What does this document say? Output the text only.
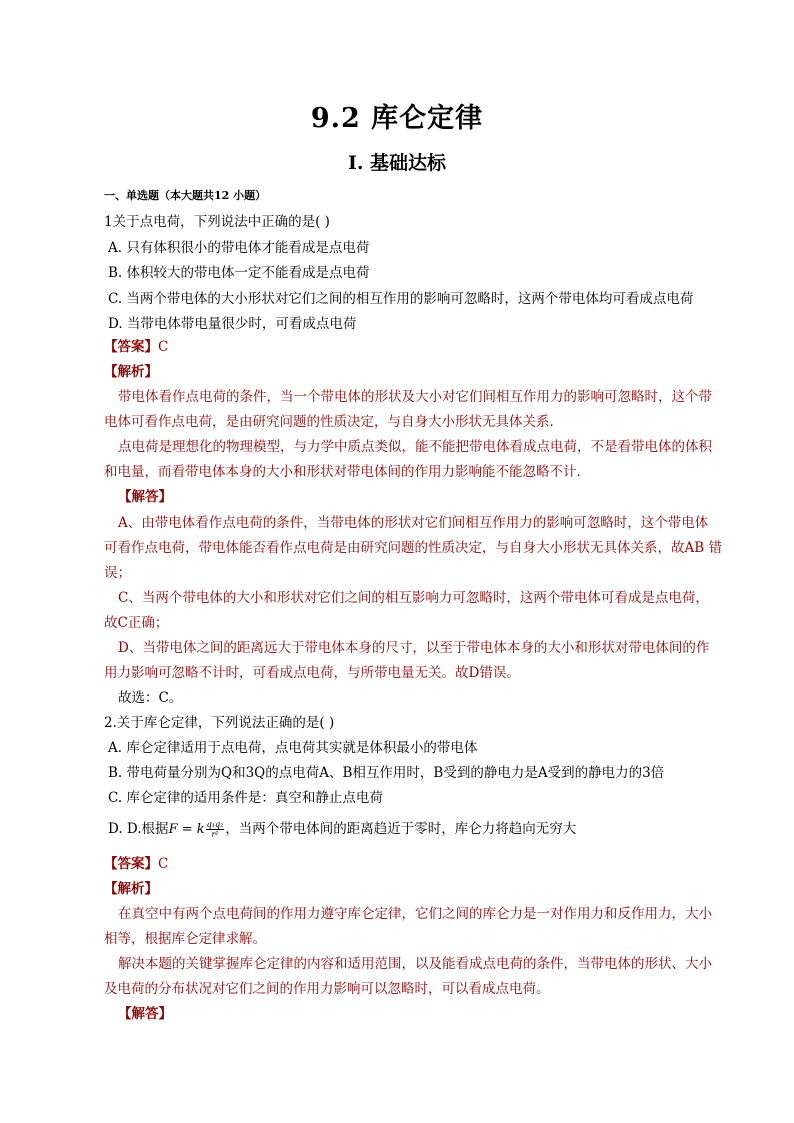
9.2 库仑定律
Ⅰ. 基础达标
一、单选题（本大题共12 小题）
1关于点电荷，下列说法中正确的是( )
A. 只有体积很小的带电体才能看成是点电荷
B. 体积较大的带电体一定不能看成是点电荷
C. 当两个带电体的大小形状对它们之间的相互作用的影响可忽略时，这两个带电体均可看成点电荷
D. 当带电体带电量很少时，可看成点电荷
【答案】C
【解析】
带电体看作点电荷的条件，当一个带电体的形状及大小对它们间相互作用力的影响可忽略时，这个带
电体可看作点电荷，是由研究问题的性质决定，与自身大小形状无具体关系．
点电荷是理想化的物理模型，与力学中质点类似，能不能把带电体看成点电荷，不是看带电体的体积
和电量，而看带电体本身的大小和形状对带电体间的作用力影响能不能忽略不计．
【解答】
A、由带电体看作点电荷的条件，当带电体的形状对它们间相互作用力的影响可忽略时，这个带电体
可看作点电荷，带电体能否看作点电荷是由研究问题的性质决定，与自身大小形状无具体关系，故AB 错
误；
C、当两个带电体的大小和形状对它们之间的相互影响力可忽略时，这两个带电体可看成是点电荷，
故C正确；
D、当带电体之间的距离远大于带电体本身的尺寸，以至于带电体本身的大小和形状对带电体间的作
用力影响可忽略不计时，可看成点电荷，与所带电量无关。故D错误。
故选：C。
2.关于库仑定律，下列说法正确的是( )
A. 库仑定律适用于点电荷，点电荷其实就是体积最小的带电体
B. 带电荷量分别为Q和3Q的点电荷A、B相互作用时，B受到的静电力是A受到的静电力的3倍
C. 库仑定律的适用条件是：真空和静止点电荷
D. D.根据F = k $\frac{\text{q₁q₂}}{\text{r²}}$ ，当两个带电体间的距离趋近于零时，库仑力将趋向无穷大
【答案】C
【解析】
在真空中有两个点电荷间的作用力遵守库仑定律，它们之间的库仑力是一对作用力和反作用力，大小
相等，根据库仑定律求解。
解决本题的关键掌握库仑定律的内容和适用范围，以及能看成点电荷的条件，当带电体的形状、大小
及电荷的分布状况对它们之间的作用力影响可以忽略时，可以看成点电荷。
【解答】
